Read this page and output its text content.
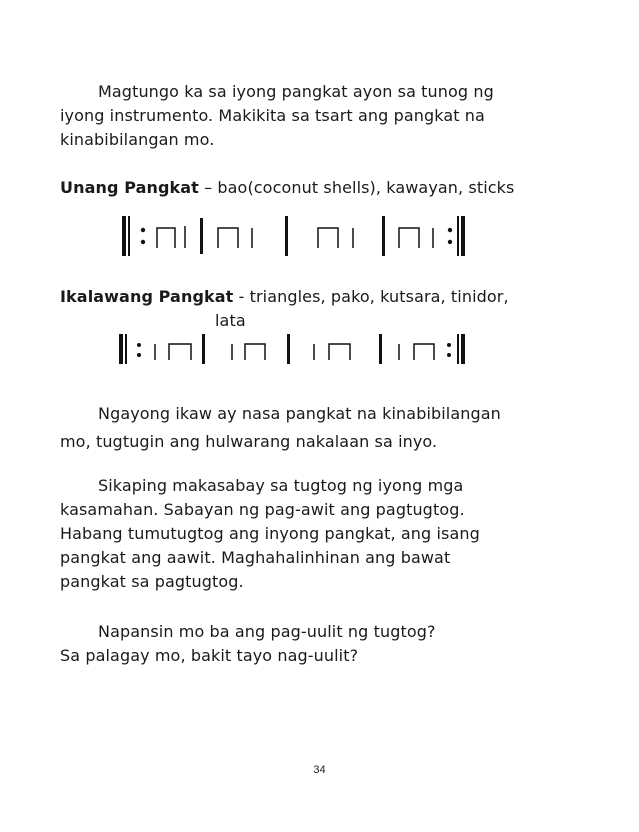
Magtungo ka sa iyong pangkat ayon sa tunog ng
iyong instrumento. Makikita sa tsart ang pangkat na
kinabibilangan mo.

Unang Pangkat – bao(coconut shells), kawayan, sticks

Ikalawang Pangkat - triangles, pako, kutsara, tinidor,
lata

Ngayong ikaw ay nasa pangkat na kinabibilangan
mo, tugtugin ang hulwarang nakalaan sa inyo.

Sikaping makasabay sa tugtog ng iyong mga
kasamahan. Sabayan ng pag-awit ang pagtugtog.
Habang tumutugtog ang inyong pangkat, ang isang
pangkat ang aawit. Maghahalinhinan ang bawat
pangkat sa pagtugtog.

Napansin mo ba ang pag-uulit ng tugtog?
Sa palagay mo, bakit tayo nag-uulit?

34
